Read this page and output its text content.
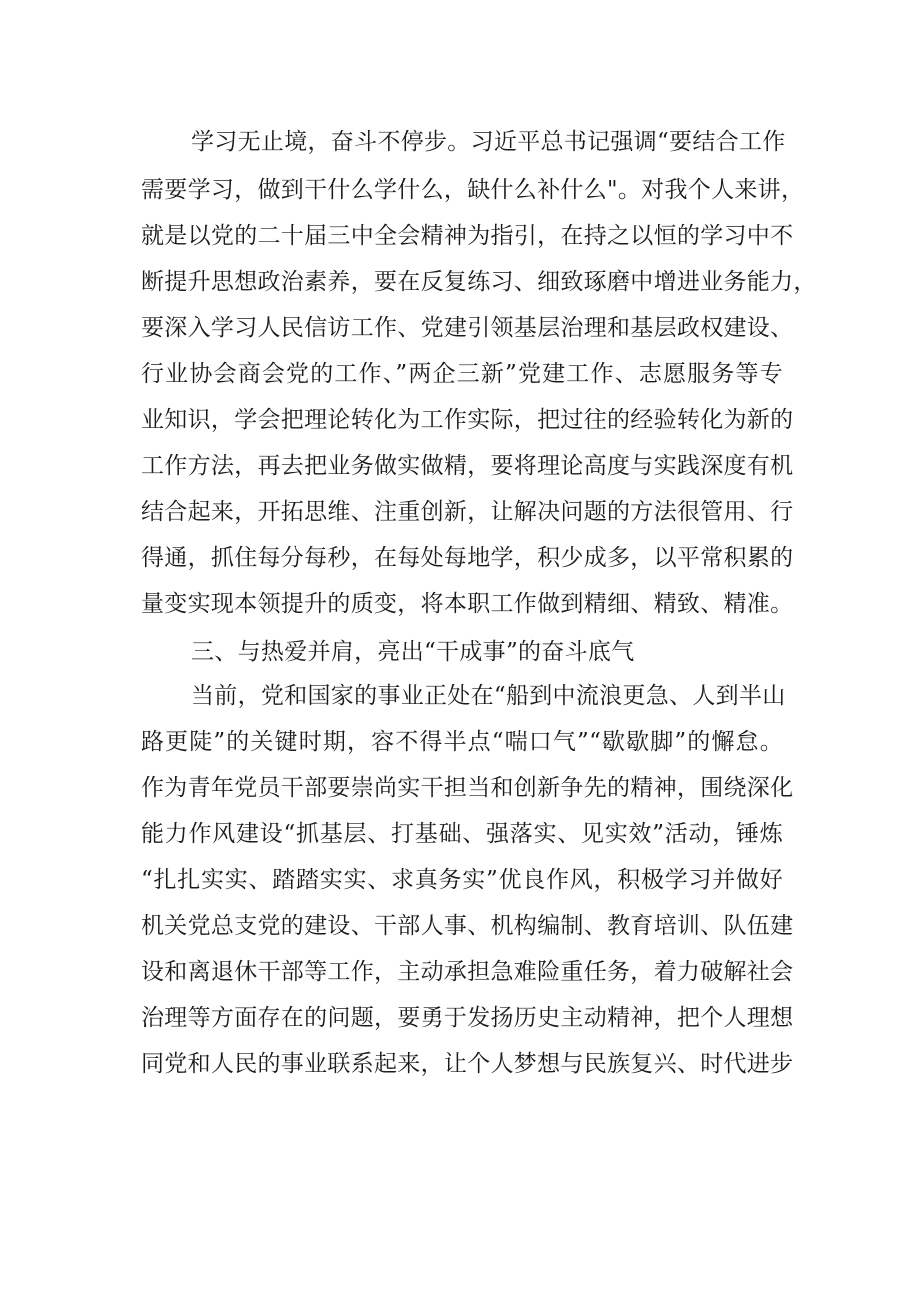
学习无止境，奋斗不停步。习近平总书记强调“要结合工作
需要学习，做到干什么学什么，缺什么补什么"。对我个人来讲，
就是以党的二十届三中全会精神为指引，在持之以恒的学习中不
断提升思想政治素养，要在反复练习、细致琢磨中增进业务能力，
要深入学习人民信访工作、党建引领基层治理和基层政权建设、
行业协会商会党的工作、”两企三新”党建工作、志愿服务等专
业知识，学会把理论转化为工作实际，把过往的经验转化为新的
工作方法，再去把业务做实做精，要将理论高度与实践深度有机
结合起来，开拓思维、注重创新，让解决问题的方法很管用、行
得通，抓住每分每秒，在每处每地学，积少成多，以平常积累的
量变实现本领提升的质变，将本职工作做到精细、精致、精准。
三、与热爱并肩，亮出“干成事”的奋斗底气
当前，党和国家的事业正处在“船到中流浪更急、人到半山
路更陡”的关键时期，容不得半点“喘口气”“歇歇脚”的懈怠。
作为青年党员干部要崇尚实干担当和创新争先的精神，围绕深化
能力作风建设“抓基层、打基础、强落实、见实效”活动，锤炼
“扎扎实实、踏踏实实、求真务实”优良作风，积极学习并做好
机关党总支党的建设、干部人事、机构编制、教育培训、队伍建
设和离退休干部等工作，主动承担急难险重任务，着力破解社会
治理等方面存在的问题，要勇于发扬历史主动精神，把个人理想
同党和人民的事业联系起来，让个人梦想与民族复兴、时代进步
